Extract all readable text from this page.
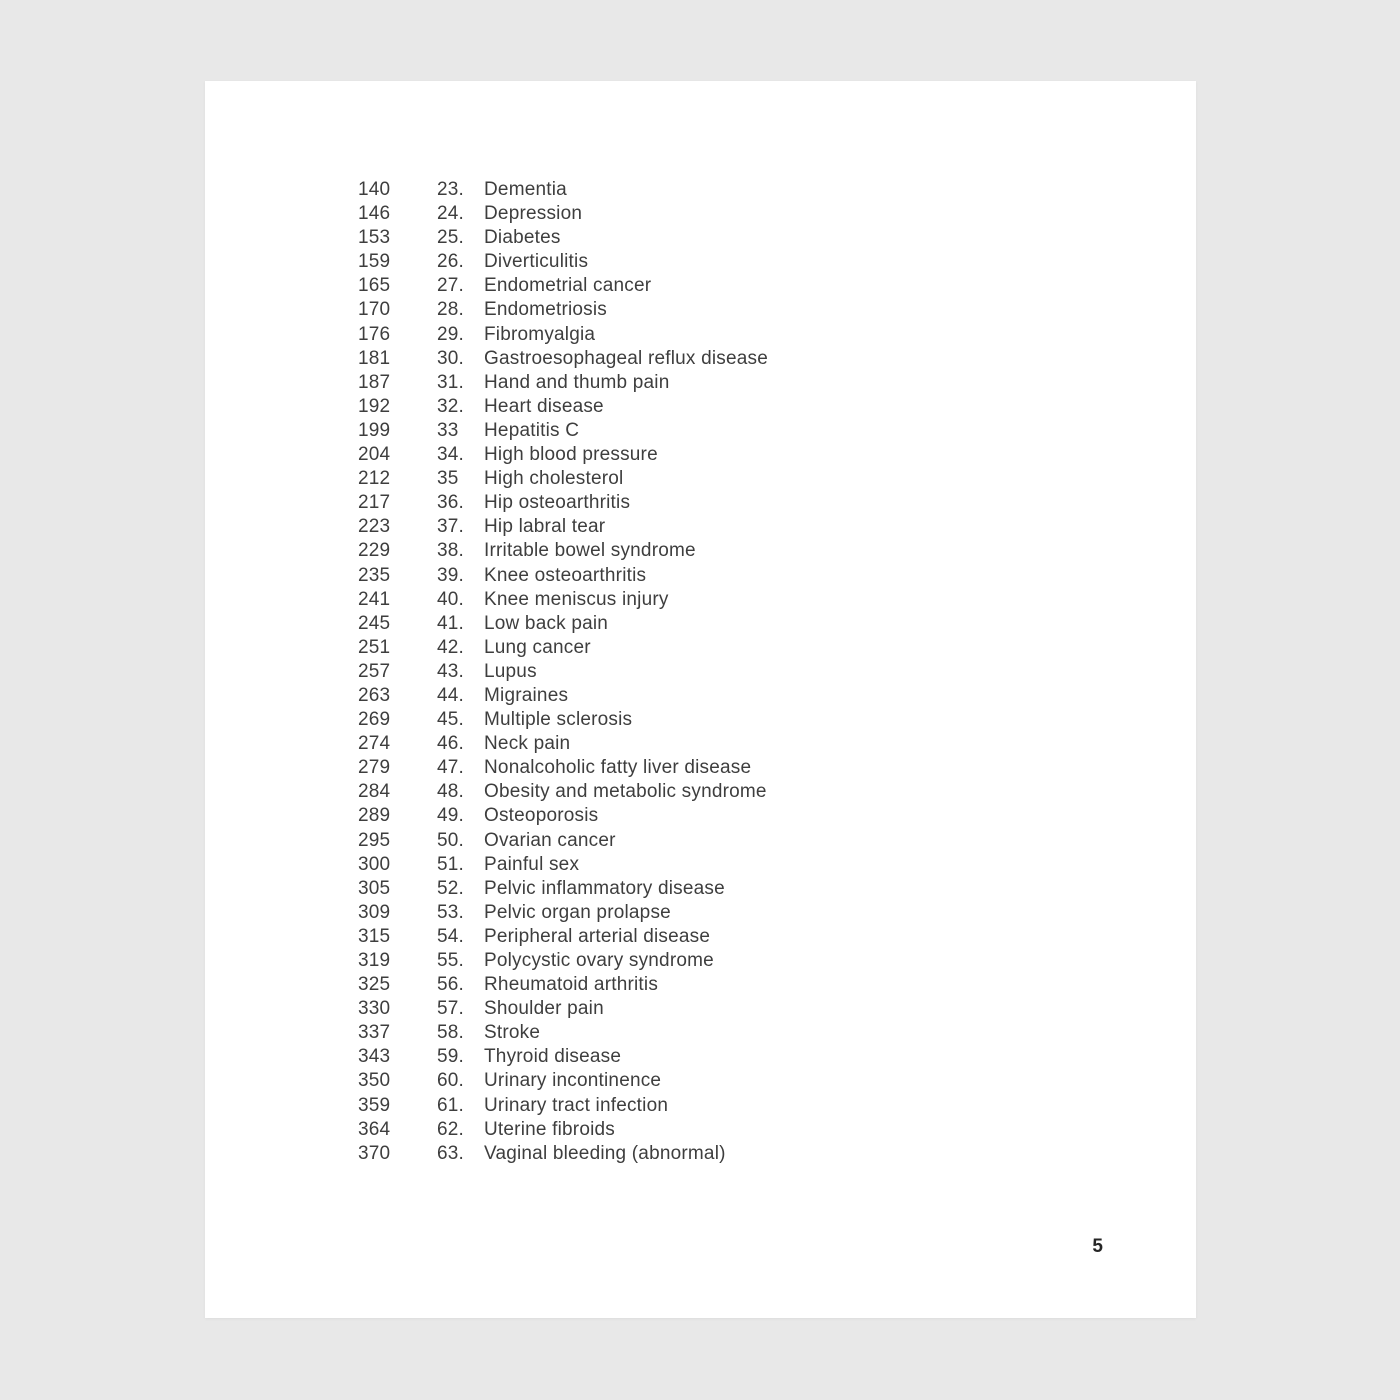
140	23.	Dementia
146	24.	Depression
153	25.	Diabetes
159	26.	Diverticulitis
165	27.	Endometrial cancer
170	28.	Endometriosis
176	29.	Fibromyalgia
181	30.	Gastroesophageal reflux disease
187	31.	Hand and thumb pain
192	32.	Heart disease
199	33	Hepatitis C
204	34.	High blood pressure
212	35	High cholesterol
217	36.	Hip osteoarthritis
223	37.	Hip labral tear
229	38.	Irritable bowel syndrome
235	39.	Knee osteoarthritis
241	40.	Knee meniscus injury
245	41.	Low back pain
251	42.	Lung cancer
257	43.	Lupus
263	44.	Migraines
269	45.	Multiple sclerosis
274	46.	Neck pain
279	47.	Nonalcoholic fatty liver disease
284	48.	Obesity and metabolic syndrome
289	49.	Osteoporosis
295	50.	Ovarian cancer
300	51.	Painful sex
305	52.	Pelvic inflammatory disease
309	53.	Pelvic organ prolapse
315	54.	Peripheral arterial disease
319	55.	Polycystic ovary syndrome
325	56.	Rheumatoid arthritis
330	57.	Shoulder pain
337	58.	Stroke
343	59.	Thyroid disease
350	60.	Urinary incontinence
359	61.	Urinary tract infection
364	62.	Uterine fibroids
370	63.	Vaginal bleeding (abnormal)
5
